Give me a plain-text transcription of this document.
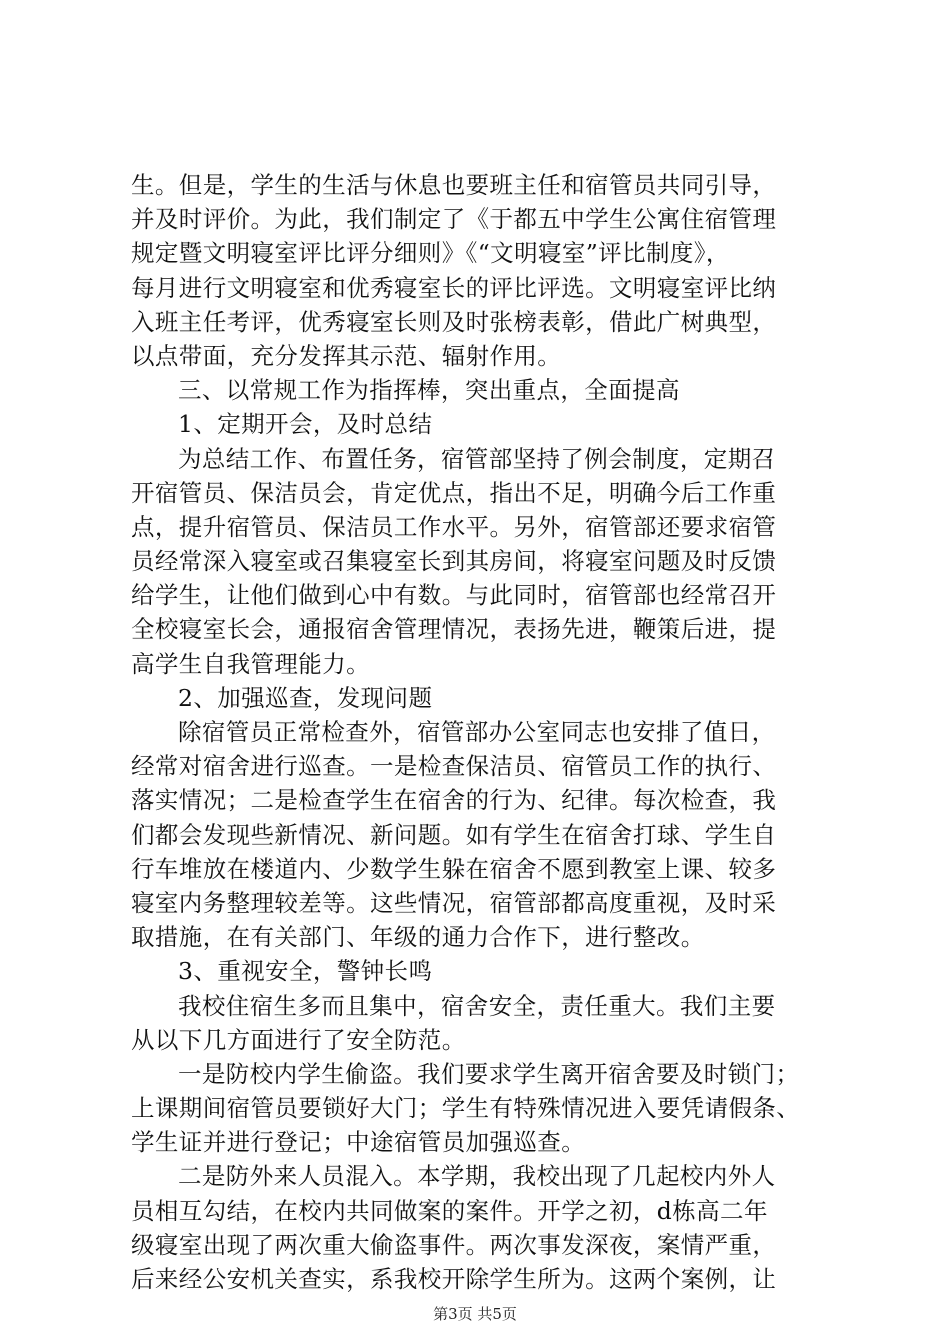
生。但是，学生的生活与休息也要班主任和宿管员共同引导，
并及时评价。为此，我们制定了《于都五中学生公寓住宿管理
规定暨文明寝室评比评分细则》《“文明寝室”评比制度》，
每月进行文明寝室和优秀寝室长的评比评选。文明寝室评比纳
入班主任考评，优秀寝室长则及时张榜表彰，借此广树典型，
以点带面，充分发挥其示范、辐射作用。
三、以常规工作为指挥棒，突出重点，全面提高
1、定期开会，及时总结
为总结工作、布置任务，宿管部坚持了例会制度，定期召
开宿管员、保洁员会，肯定优点，指出不足，明确今后工作重
点，提升宿管员、保洁员工作水平。另外，宿管部还要求宿管
员经常深入寝室或召集寝室长到其房间，将寝室问题及时反馈
给学生，让他们做到心中有数。与此同时，宿管部也经常召开
全校寝室长会，通报宿舍管理情况，表扬先进，鞭策后进，提
高学生自我管理能力。
2、加强巡查，发现问题
除宿管员正常检查外，宿管部办公室同志也安排了值日，
经常对宿舍进行巡查。一是检查保洁员、宿管员工作的执行、
落实情况；二是检查学生在宿舍的行为、纪律。每次检查，我
们都会发现些新情况、新问题。如有学生在宿舍打球、学生自
行车堆放在楼道内、少数学生躲在宿舍不愿到教室上课、较多
寝室内务整理较差等。这些情况，宿管部都高度重视，及时采
取措施，在有关部门、年级的通力合作下，进行整改。
3、重视安全，警钟长鸣
我校住宿生多而且集中，宿舍安全，责任重大。我们主要
从以下几方面进行了安全防范。
一是防校内学生偷盗。我们要求学生离开宿舍要及时锁门；
上课期间宿管员要锁好大门；学生有特殊情况进入要凭请假条、
学生证并进行登记；中途宿管员加强巡查。
二是防外来人员混入。本学期，我校出现了几起校内外人
员相互勾结，在校内共同做案的案件。开学之初，d栋高二年
级寝室出现了两次重大偷盗事件。两次事发深夜，案情严重，
后来经公安机关查实，系我校开除学生所为。这两个案例，让
第3页 共5页
